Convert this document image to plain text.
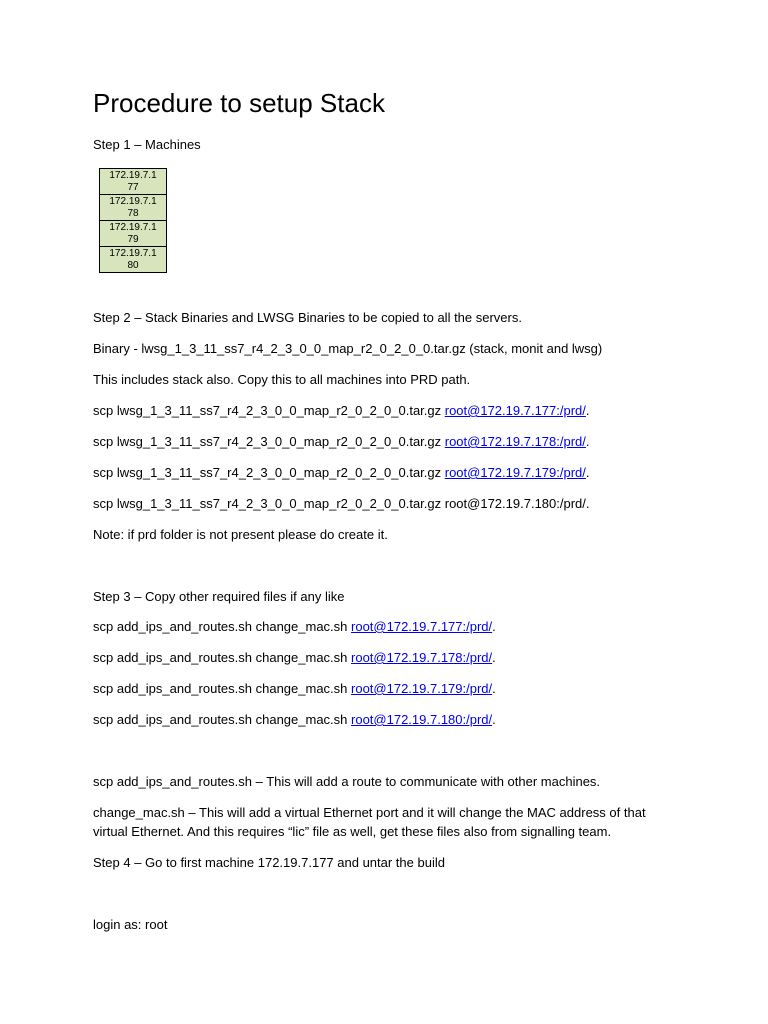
Procedure to setup Stack

Step 1 – Machines

172.19.7.1
77
172.19.7.1
78
172.19.7.1
79
172.19.7.1
80

Step 2 – Stack Binaries and LWSG Binaries to be copied to all the servers.

Binary - lwsg_1_3_11_ss7_r4_2_3_0_0_map_r2_0_2_0_0.tar.gz (stack, monit and lwsg)

This includes stack also. Copy this to all machines into PRD path.

scp lwsg_1_3_11_ss7_r4_2_3_0_0_map_r2_0_2_0_0.tar.gz root@172.19.7.177:/prd/.

scp lwsg_1_3_11_ss7_r4_2_3_0_0_map_r2_0_2_0_0.tar.gz root@172.19.7.178:/prd/.

scp lwsg_1_3_11_ss7_r4_2_3_0_0_map_r2_0_2_0_0.tar.gz root@172.19.7.179:/prd/.

scp lwsg_1_3_11_ss7_r4_2_3_0_0_map_r2_0_2_0_0.tar.gz root@172.19.7.180:/prd/.

Note: if prd folder is not present please do create it.

Step 3 – Copy other required files if any like

scp add_ips_and_routes.sh change_mac.sh root@172.19.7.177:/prd/.

scp add_ips_and_routes.sh change_mac.sh root@172.19.7.178:/prd/.

scp add_ips_and_routes.sh change_mac.sh root@172.19.7.179:/prd/.

scp add_ips_and_routes.sh change_mac.sh root@172.19.7.180:/prd/.

scp add_ips_and_routes.sh – This will add a route to communicate with other machines.

change_mac.sh – This will add a virtual Ethernet port and it will change the MAC address of that virtual Ethernet. And this requires “lic” file as well, get these files also from signalling team.

Step 4 – Go to first machine 172.19.7.177 and untar the build

login as: root
